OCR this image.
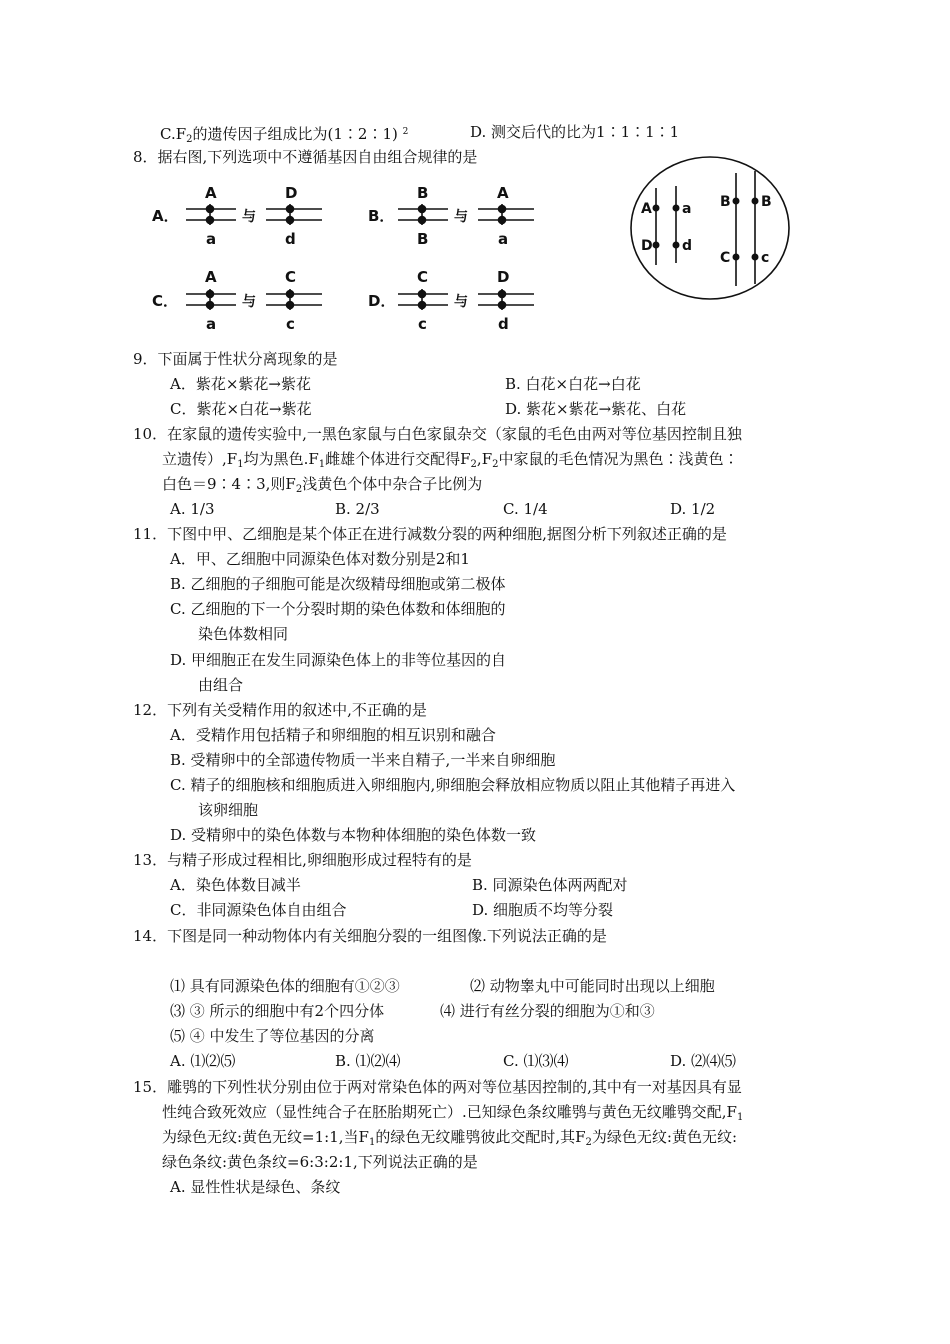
$C.F_2$的遗传因子组成比为(1∶2∶1) $^2$	D. 测交后代的比为1∶1∶1∶1
8．据右图,下列选项中不遵循基因自由组合规律的是
A．
A
a
与
D
d
B．
B
B
与
A
a
C．
A
a
与
C
c
D．
C
c
与
D
d
A a
D d
B B
C c
9．下面属于性状分离现象的是
A．紫花×紫花→紫花	B. 白花×白花→白花
C．紫花×白花→紫花	D. 紫花×紫花→紫花、白花
10．在家鼠的遗传实验中,一黑色家鼠与白色家鼠杂交（家鼠的毛色由两对等位基因控制且独
立遗传）$,F_1$均为黑色$.F_1$雌雄个体进行交配得$F_2,F_2$中家鼠的毛色情况为黑色∶浅黄色∶
白色＝9∶4∶3,则$F_2$浅黄色个体中杂合子比例为
A. 1/3	B. 2/3	C. 1/4	D. 1/2
11．下图中甲、乙细胞是某个体正在进行减数分裂的两种细胞,据图分析下列叙述正确的是
A．甲、乙细胞中同源染色体对数分别是2和1
B. 乙细胞的子细胞可能是次级精母细胞或第二极体
C. 乙细胞的下一个分裂时期的染色体数和体细胞的
染色体数相同
D. 甲细胞正在发生同源染色体上的非等位基因的自
由组合
12．下列有关受精作用的叙述中,不正确的是
A．受精作用包括精子和卵细胞的相互识别和融合
B. 受精卵中的全部遗传物质一半来自精子,一半来自卵细胞
C. 精子的细胞核和细胞质进入卵细胞内,卵细胞会释放相应物质以阻止其他精子再进入
该卵细胞
D. 受精卵中的染色体数与本物种体细胞的染色体数一致
13．与精子形成过程相比,卵细胞形成过程特有的是
A．染色体数目减半	B. 同源染色体两两配对
C．非同源染色体自由组合	D. 细胞质不均等分裂
14．下图是同一种动物体内有关细胞分裂的一组图像.下列说法正确的是
⑴ 具有同源染色体的细胞有①②③	⑵ 动物睾丸中可能同时出现以上细胞
⑶ ③ 所示的细胞中有2个四分体	⑷ 进行有丝分裂的细胞为①和③
⑸ ④ 中发生了等位基因的分离
A. ⑴⑵⑸	B. ⑴⑵⑷	C. ⑴⑶⑷	D. ⑵⑷⑸
15．雕鸮的下列性状分别由位于两对常染色体的两对等位基因控制的,其中有一对基因具有显
性纯合致死效应（显性纯合子在胚胎期死亡）.已知绿色条纹雕鸮与黄色无纹雕鸮交配$,F_1$
为绿色无纹:黄色无纹=1:1,当$F_1$的绿色无纹雕鸮彼此交配时,其$F_2$为绿色无纹:黄色无纹:
绿色条纹:黄色条纹=6:3:2:1,下列说法正确的是
A. 显性性状是绿色、条纹
